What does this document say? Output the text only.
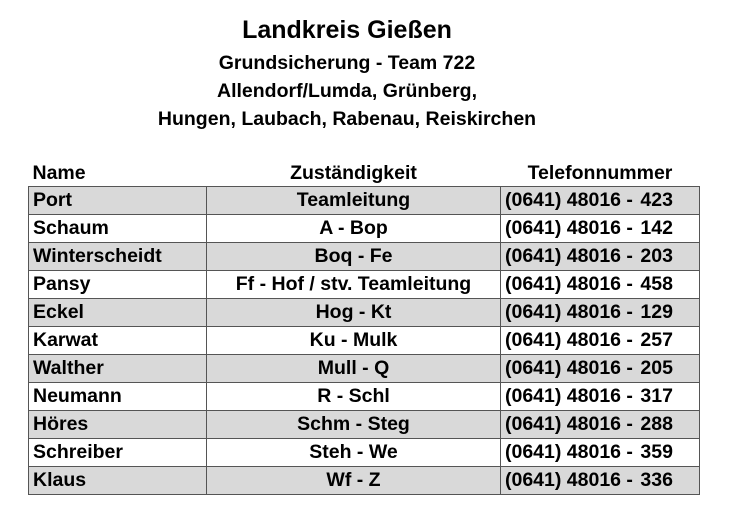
Landkreis Gießen
Grundsicherung - Team 722
Allendorf/Lumda, Grünberg,
Hungen, Laubach, Rabenau, Reiskirchen
Name	Zuständigkeit	Telefonnummer
Port	Teamleitung	(0641) 48016 - 423
Schaum	A - Bop	(0641) 48016 - 142
Winterscheidt	Boq - Fe	(0641) 48016 - 203
Pansy	Ff - Hof / stv. Teamleitung	(0641) 48016 - 458
Eckel	Hog - Kt	(0641) 48016 - 129
Karwat	Ku - Mulk	(0641) 48016 - 257
Walther	Mull - Q	(0641) 48016 - 205
Neumann	R - Schl	(0641) 48016 - 317
Höres	Schm - Steg	(0641) 48016 - 288
Schreiber	Steh - We	(0641) 48016 - 359
Klaus	Wf - Z	(0641) 48016 - 336
